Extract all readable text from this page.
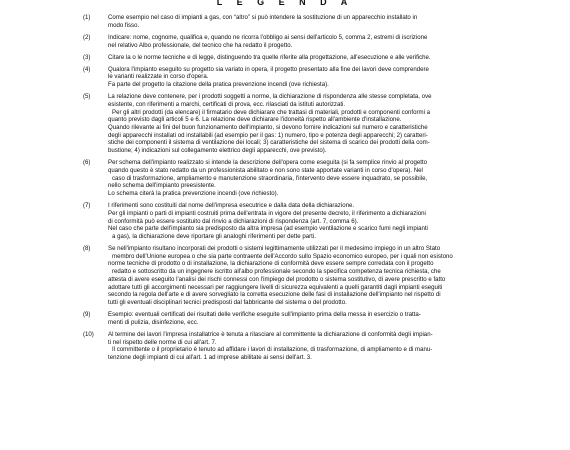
L E G E N D A
(1)	Come esempio nel caso di impianti a gas, con “altro” si può intendere la sostituzione di un apparecchio installato in
modo fisso.
(2)	Indicare: nome, cognome, qualifica e, quando ne ricorra l'obbligo ai sensi dell'articolo 5, comma 2, estremi di iscrizione
nel relativo Albo professionale, del tecnico che ha redatto il progetto.
(3)	Citare la o le norme tecniche e di legge, distinguendo tra quelle riferite alla progettazione, all'esecuzione e alle verifiche.
(4)	Qualora l'impianto eseguito su progetto sia variato in opera, il progetto presentato alla fine dei lavori deve comprendere
le varianti realizzate in corso d'opera.
Fa parte del progetto la citazione della pratica prevenzione incendi (ove richiesta).
(5)	La relazione deve contenere, per i prodotti soggetti a norme, la dichiarazione di rispondenza alle stesse completata, ove
esistente, con riferimenti a marchi, certificati di prova, ecc. rilasciati da istituti autorizzati.
Per gli altri prodotti (da elencare) il firmatario deve dichiarare che trattasi di materiali, prodotti e componenti conformi a
quanto previsto dagli articoli 5 e 6. La relazione deve dichiarare l'idoneità rispetto all'ambiente d'installazione.
Quando rilevante ai fini del buon funzionamento dell'impianto, si devono fornire indicazioni sul numero e caratteristiche
degli apparecchi installati od installabili (ad esempio per il gas: 1) numero, tipo e potenza degli apparecchi; 2) caratteri-
stiche dei componenti il sistema di ventilazione dei locali; 3) caratteristiche del sistema di scarico dei prodotti della com-
bustione; 4) indicazioni sul collegamento elettrico degli apparecchi, ove previsto).
(6)	Per schema dell'impianto realizzato si intende la descrizione dell'opera come eseguita (si fa semplice rinvio al progetto
quando questo è stato redatto da un professionista abilitato e non sono state apportate varianti in corso d'opera). Nel
caso di trasformazione, ampliamento e manutenzione straordinaria, l'intervento deve essere inquadrato, se possibile,
nello schema dell'impianto preesistente.
Lo schema citerà la pratica prevenzione incendi (ove richiesto).
(7)	I riferimenti sono costituiti dal nome dell'impresa esecutrice e dalla data della dichiarazione.
Per gli impianti o parti di impianti costruiti prima dell'entrata in vigore del presente decreto, il riferimento a dichiarazioni
di conformità può essere sostituito dal rinvio a dichiarazioni di rispondenza (art. 7, comma 6).
Nel caso che parte dell'impianto sia predisposto da altra impresa (ad esempio ventilazione e scarico fumi negli impianti
a gas), la dichiarazione deve riportare gli analoghi riferimenti per dette parti.
(8)	Se nell'impianto risultano incorporati dei prodotti o sistemi legittimamente utilizzati per il medesimo impiego in un altro Stato
membro dell'Unione europea o che sia parte contraente dell'Accordo sullo Spazio economico europeo, per i quali non esistono
norme tecniche di prodotto o di installazione, la dichiarazione di conformità deve essere sempre corredata con il progetto
redatto e sottoscritto da un ingegnere iscritto all'albo professionale secondo la specifica competenza tecnica richiesta, che
attesta di avere eseguito l'analisi dei rischi connessi con l'impiego del prodotto o sistema sostitutivo, di avere prescritto e fatto
adottare tutti gli accorgimenti necessari per raggiungere livelli di sicurezza equivalenti a quelli garantiti dagli impianti eseguiti
secondo la regola dell'arte e di avere sorvegliato la corretta esecuzione delle fasi di installazione dell'impianto nel rispetto di
tutti gli eventuali disciplinari tecnici predisposti dal fabbricante del sistema o del prodotto.
(9)	Esempio: eventuali certificati dei risultati delle verifiche eseguite sull'impianto prima della messa in esercizio o tratta-
menti di pulizia, disinfezione, ecc.
(10)	Al termine dei lavori l'impresa installatrice è tenuta a rilasciare al committente la dichiarazione di conformità degli impian-
ti nel rispetto delle norme di cui all'art. 7.
Il committente o il proprietario è tenuto ad affidare i lavori di installazione, di trasformazione, di ampliamento e di manu-
tenzione degli impianti di cui all'art. 1 ad imprese abilitate ai sensi dell'art. 3.
